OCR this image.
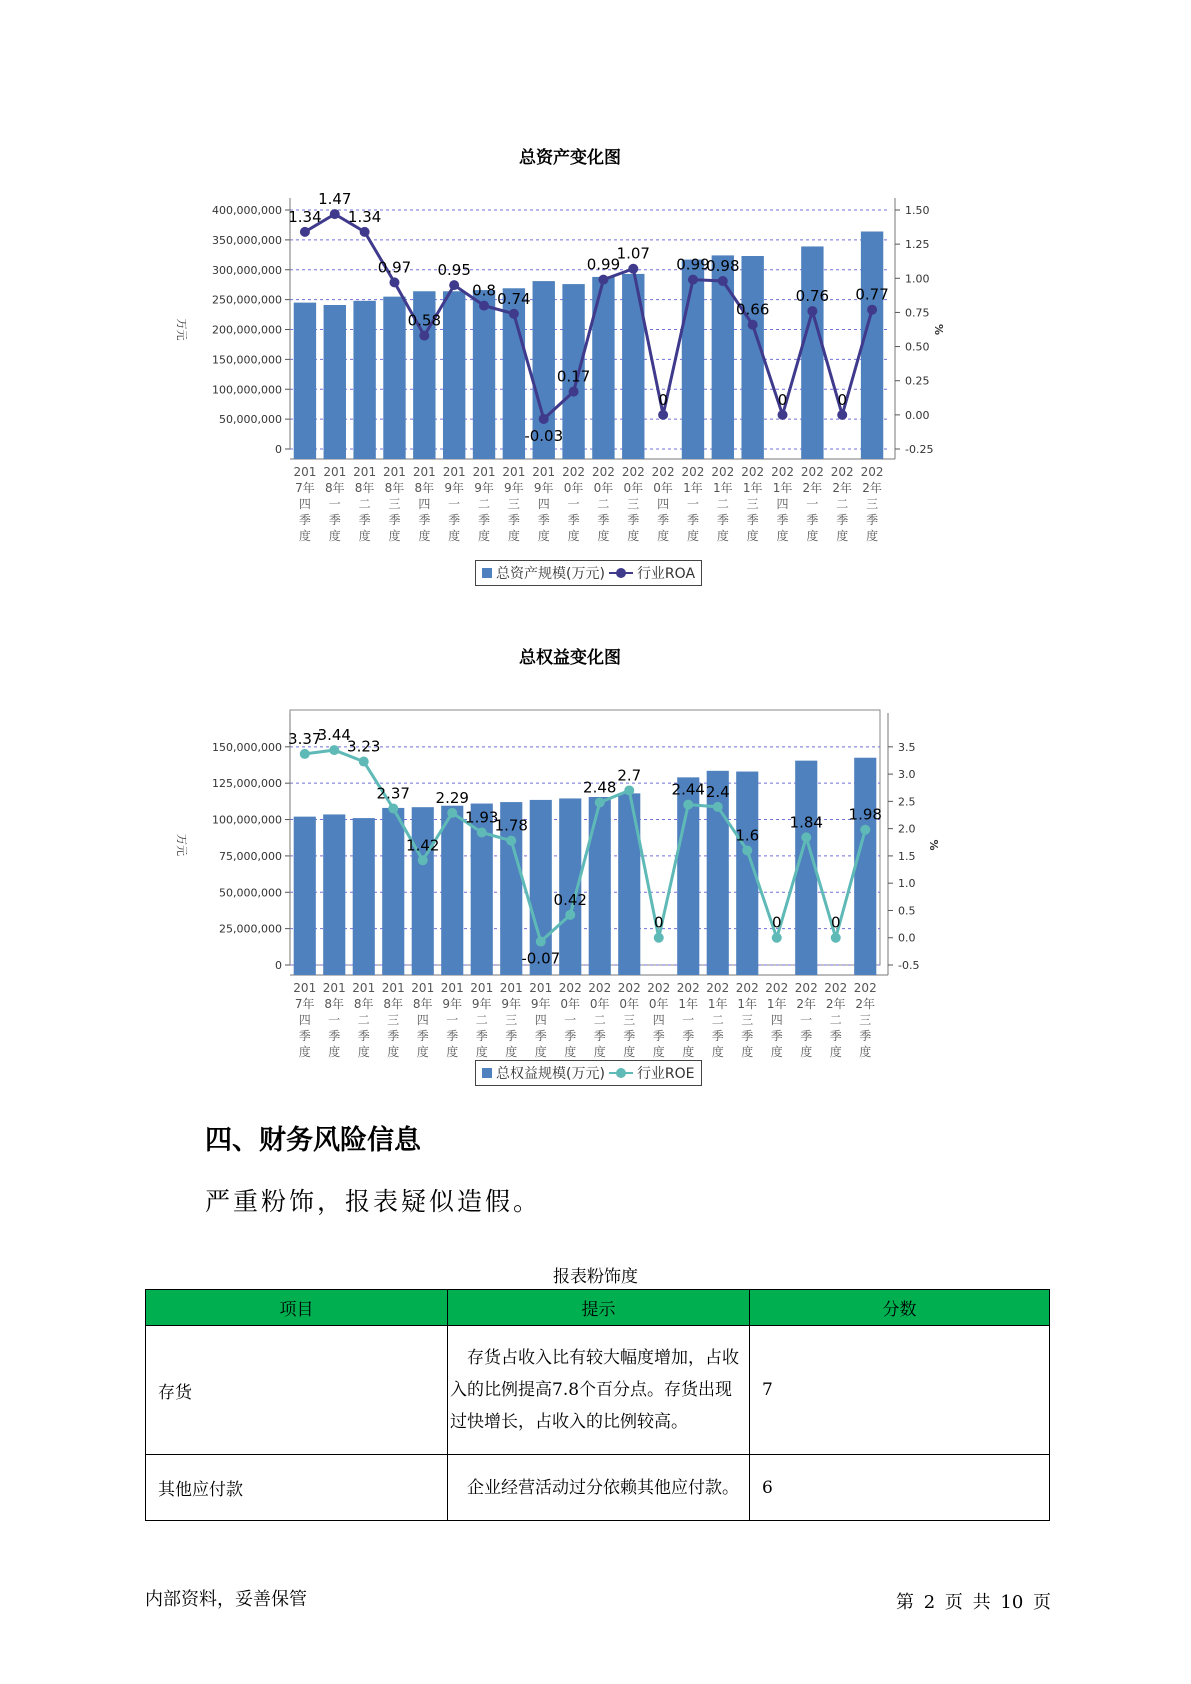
总资产变化图
400,000,000
350,000,000
300,000,000
250,000,000
200,000,000
150,000,000
100,000,000
50,000,000
0
1.50
1.25
1.00
0.75
0.50
0.25
0.00
-0.25
万元	%
1.34
1.47
1.34
0.97
0.58
0.95
0.8 0.74
-0.03
0.17
0.99
1.07
0
0.99
0.98
0.66
0
0.76
0
0.77
201
7年
四
季
度
201
8年
一
季
度
201
8年
二
季
度
201
8年
三
季
度
201
8年
四
季
度
201
9年
一
季
度
201
9年
二
季
度
201
9年
三
季
度
201
9年
四
季
度
202
0年
一
季
度
202
0年
二
季
度
202
0年
三
季
度
202
0年
四
季
度
202
1年
一
季
度
202
1年
二
季
度
202
1年
三
季
度
202
1年
四
季
度
202
2年
一
季
度
202
2年
二
季
度
202
2年
三
季
度
总资产规模(万元) 行业ROA
总权益变化图
150,000,000
125,000,000
100,000,000
75,000,000
50,000,000
25,000,000
0
3.5
3.0
2.5
2.0
1.5
1.0
0.5
0.0
-0.5
万元	%
3.37
3.44
3.23
2.37
1.42
2.29
1.93
1.78
-0.07
0.42
2.48
2.7
0
2.44 2.4
1.6
0
1.84
0
1.98
201
7年
四
季
度
201
8年
一
季
度
201
8年
二
季
度
201
8年
三
季
度
201
8年
四
季
度
201
9年
一
季
度
201
9年
二
季
度
201
9年
三
季
度
201
9年
四
季
度
202
0年
一
季
度
202
0年
二
季
度
202
0年
三
季
度
202
0年
四
季
度
202
1年
一
季
度
202
1年
二
季
度
202
1年
三
季
度
202
1年
四
季
度
202
2年
一
季
度
202
2年
二
季
度
202
2年
三
季
度
总权益规模(万元) 行业ROE
四、财务风险信息
严重粉饰，报表疑似造假。
报表粉饰度
项目	提示	分数
存货	　存货占收入比有较大幅度增加，占收入的比例提高7.8个百分点。存货出现过快增长，占收入的比例较高。	7
其他应付款	　企业经营活动过分依赖其他应付款。	6
内部资料，妥善保管	第 2 页 共 10 页
